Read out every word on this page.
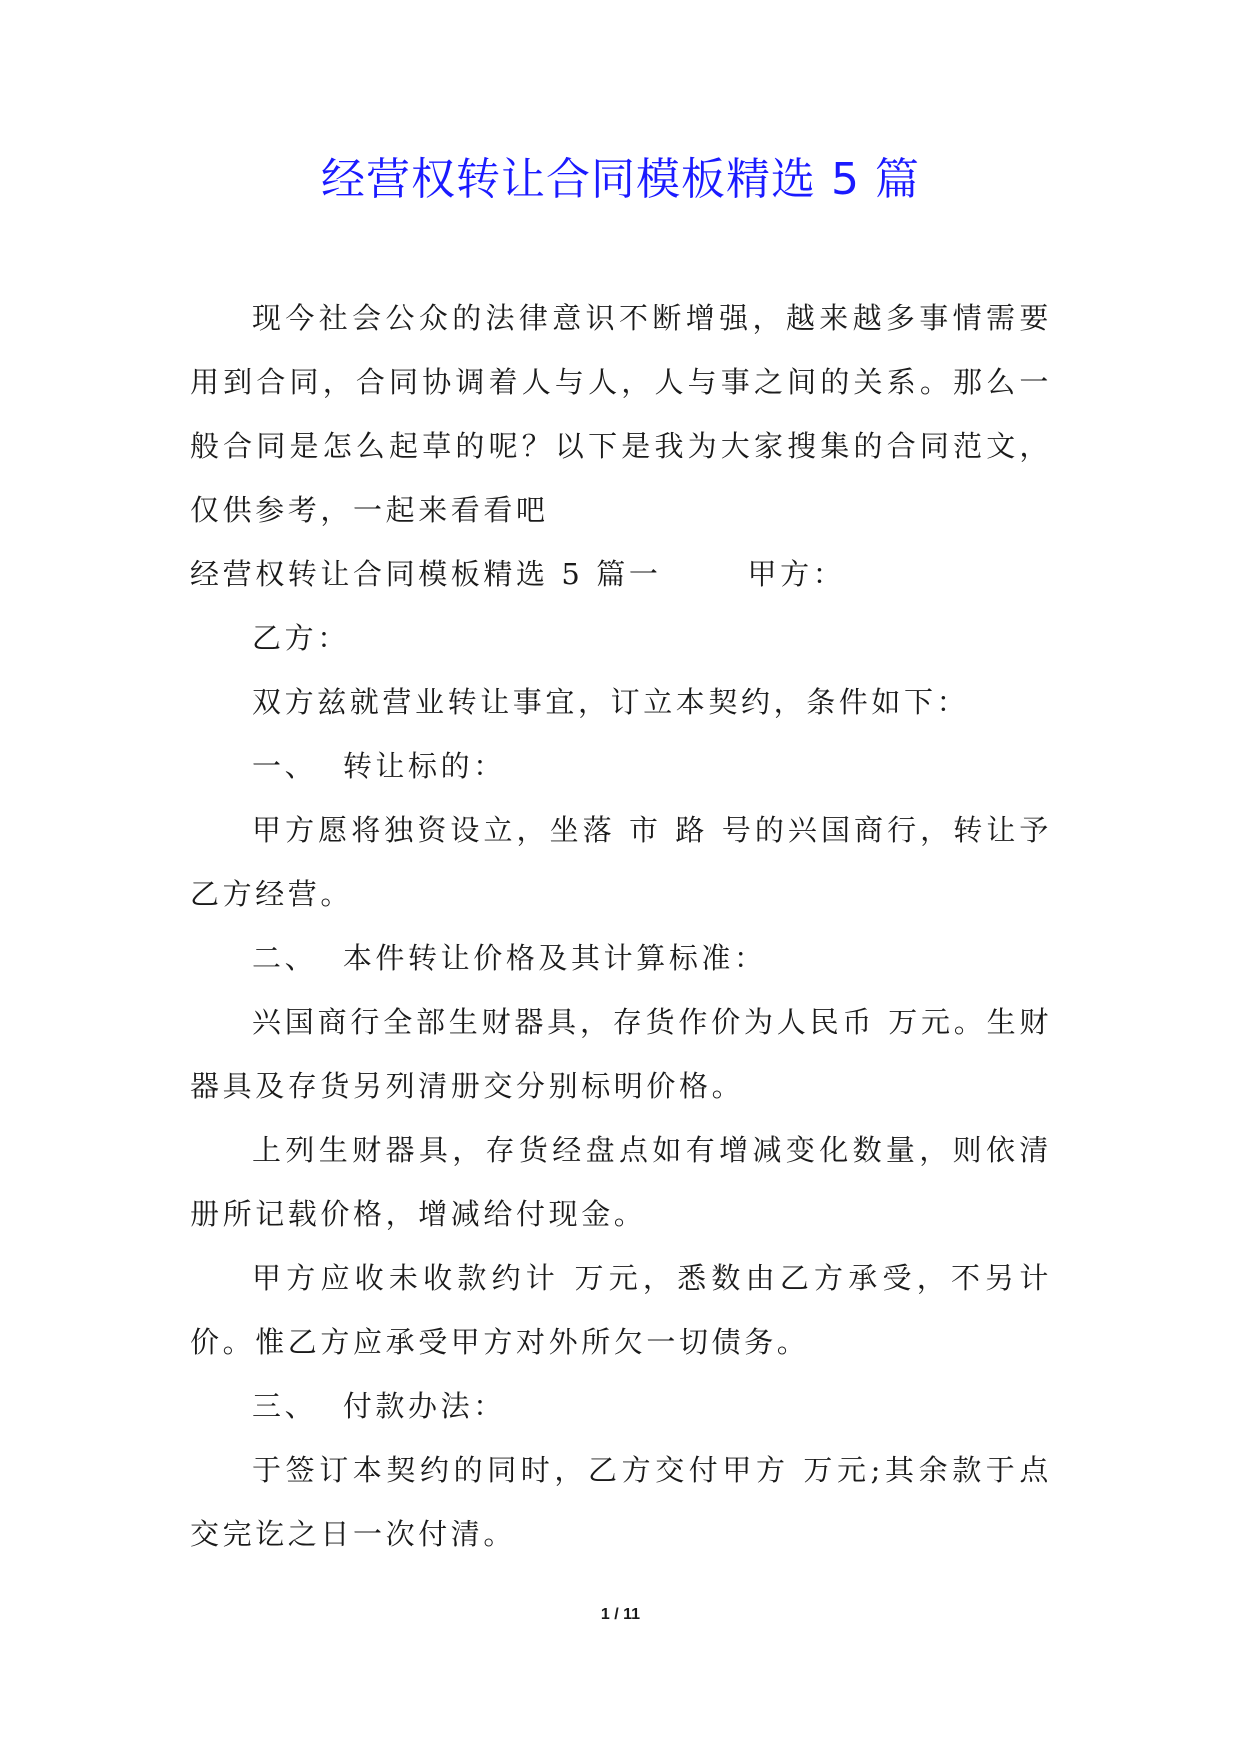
经营权转让合同模板精选 5 篇

现今社会公众的法律意识不断增强，越来越多事情需要用到合同，合同协调着人与人，人与事之间的关系。那么一般合同是怎么起草的呢？以下是我为大家搜集的合同范文，仅供参考，一起来看看吧

经营权转让合同模板精选 5 篇一	甲方：

乙方：

双方兹就营业转让事宜，订立本契约，条件如下：

一、  转让标的：

甲方愿将独资设立，坐落 市 路 号的兴国商行，转让予乙方经营。

二、  本件转让价格及其计算标准：

兴国商行全部生财器具，存货作价为人民币 万元。生财器具及存货另列清册交分别标明价格。

上列生财器具，存货经盘点如有增减变化数量，则依清册所记载价格，增减给付现金。

甲方应收未收款约计 万元，悉数由乙方承受，不另计价。惟乙方应承受甲方对外所欠一切债务。

三、  付款办法：

于签订本契约的同时，乙方交付甲方 万元;其余款于点交完讫之日一次付清。

1 / 11
